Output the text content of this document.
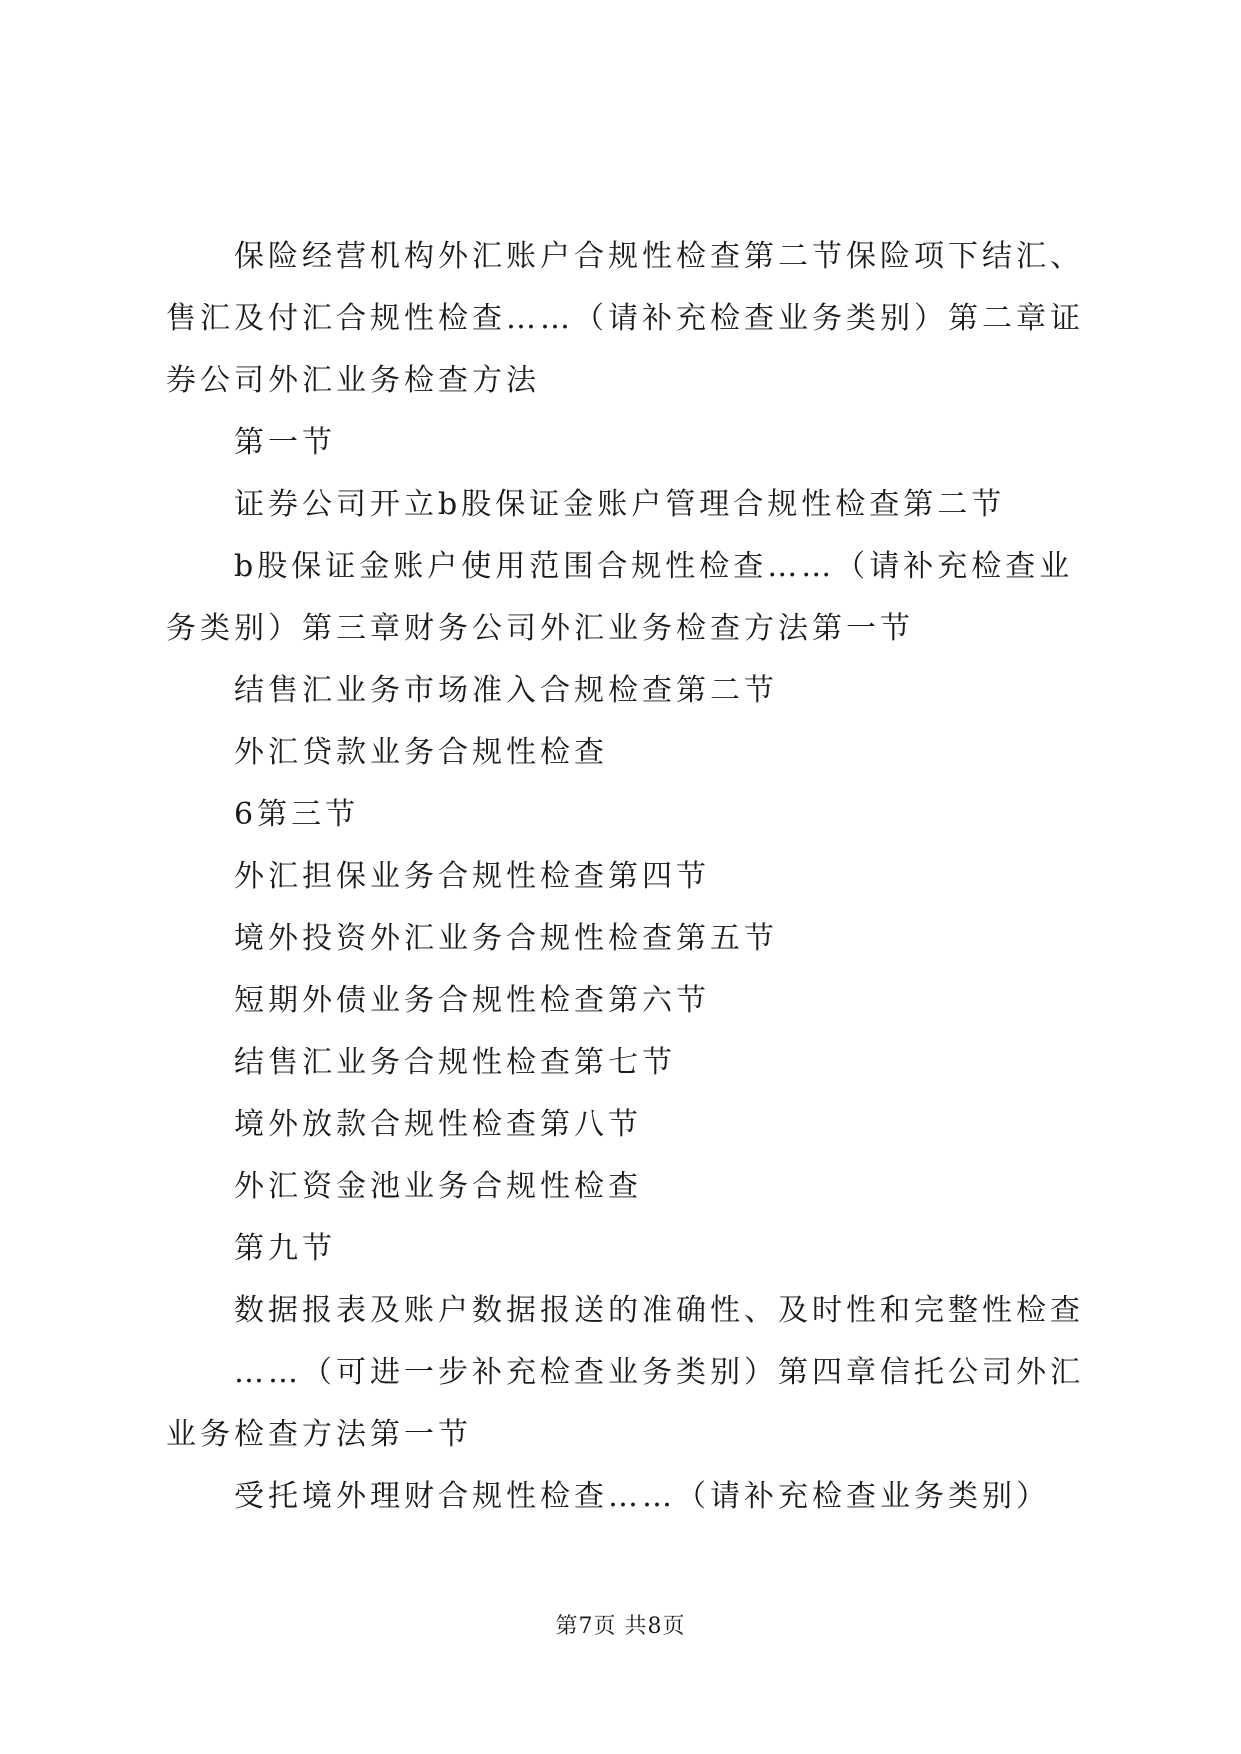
保险经营机构外汇账户合规性检查第二节保险项下结汇、售汇及付汇合规性检查……（请补充检查业务类别）第二章证券公司外汇业务检查方法

第一节

证券公司开立b股保证金账户管理合规性检查第二节

b股保证金账户使用范围合规性检查……（请补充检查业务类别）第三章财务公司外汇业务检查方法第一节

结售汇业务市场准入合规检查第二节

外汇贷款业务合规性检查

6第三节

外汇担保业务合规性检查第四节

境外投资外汇业务合规性检查第五节

短期外债业务合规性检查第六节

结售汇业务合规性检查第七节

境外放款合规性检查第八节

外汇资金池业务合规性检查

第九节

数据报表及账户数据报送的准确性、及时性和完整性检查

……（可进一步补充检查业务类别）第四章信托公司外汇业务检查方法第一节

受托境外理财合规性检查……（请补充检查业务类别）

第7页 共8页
